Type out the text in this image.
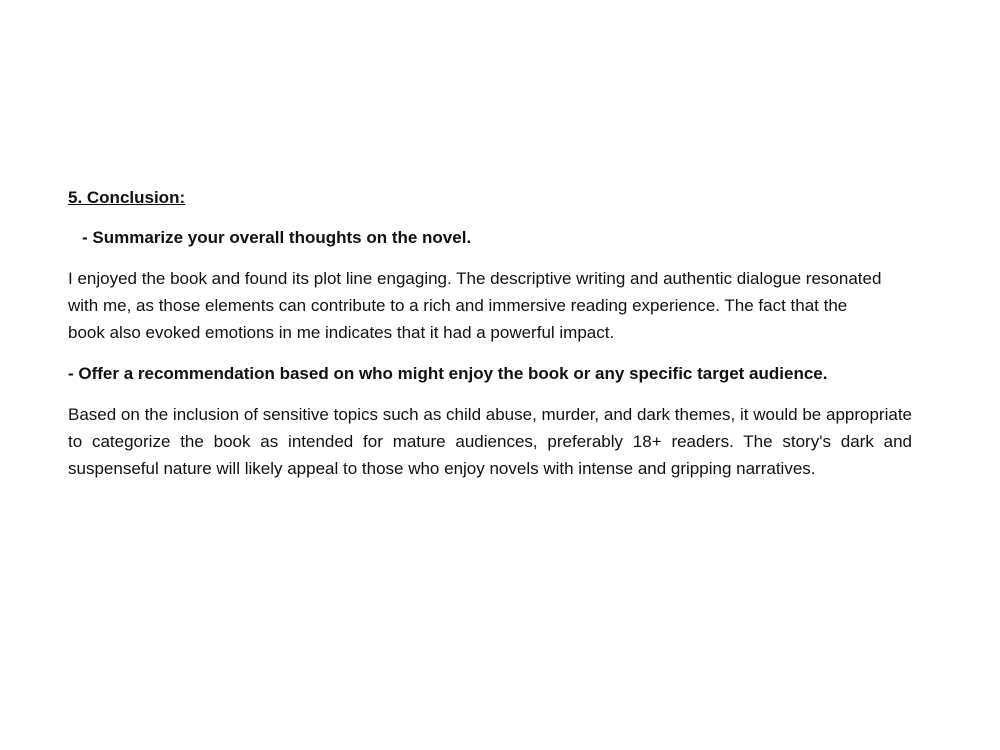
5. Conclusion:
- Summarize your overall thoughts on the novel.
I enjoyed the book and found its plot line engaging. The descriptive writing and authentic dialogue resonated with me, as those elements can contribute to a rich and immersive reading experience. The fact that the book also evoked emotions in me indicates that it had a powerful impact.
- Offer a recommendation based on who might enjoy the book or any specific target audience.
Based on the inclusion of sensitive topics such as child abuse, murder, and dark themes, it would be appropriate to categorize the book as intended for mature audiences, preferably 18+ readers. The story's dark and suspenseful nature will likely appeal to those who enjoy novels with intense and gripping narratives.
